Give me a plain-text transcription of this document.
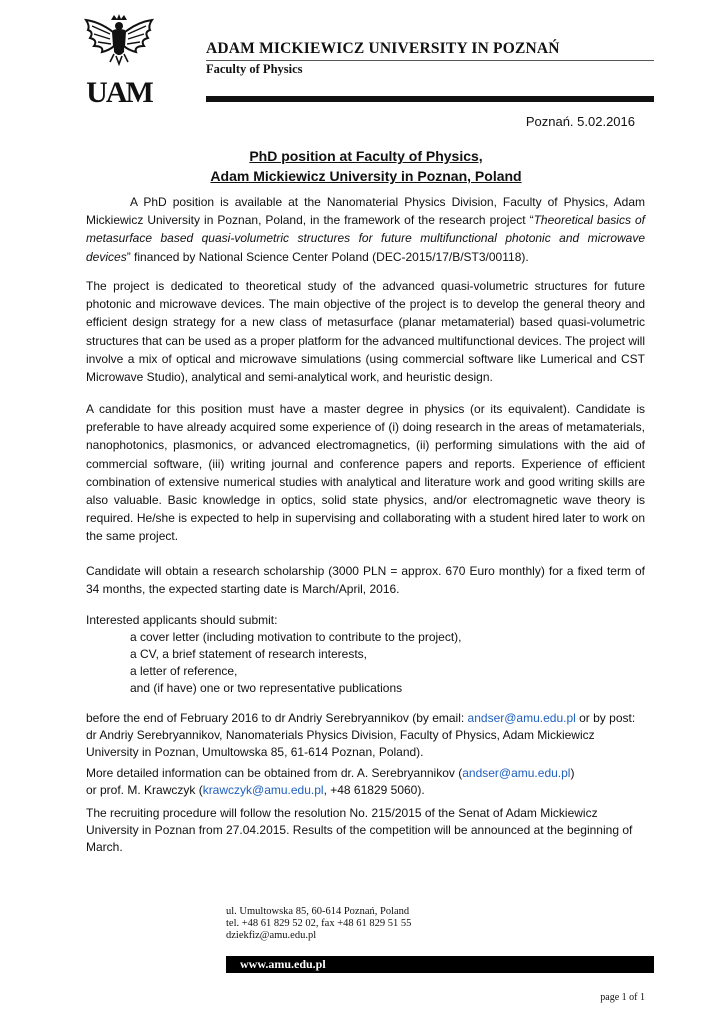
UAM
ADAM MICKIEWICZ UNIVERSITY IN POZNAŃ
Faculty of Physics
Poznań. 5.02.2016
PhD position at Faculty of Physics,
Adam Mickiewicz University in Poznan, Poland
A PhD position is available at the Nanomaterial Physics Division, Faculty of Physics, Adam Mickiewicz University in Poznan, Poland, in the framework of the research project “Theoretical basics of metasurface based quasi-volumetric structures for future multifunctional photonic and microwave devices” financed by National Science Center Poland (DEC-2015/17/B/ST3/00118).
The project is dedicated to theoretical study of the advanced quasi-volumetric structures for future photonic and microwave devices. The main objective of the project is to develop the general theory and efficient design strategy for a new class of metasurface (planar metamaterial) based quasi-volumetric structures that can be used as a proper platform for the advanced multifunctional devices. The project will involve a mix of optical and microwave simulations (using commercial software like Lumerical and CST Microwave Studio), analytical and semi-analytical work, and heuristic design.
A candidate for this position must have a master degree in physics (or its equivalent). Candidate is preferable to have already acquired some experience of (i) doing research in the areas of metamaterials, nanophotonics, plasmonics, or advanced electromagnetics, (ii) performing simulations with the aid of commercial software, (iii) writing journal and conference papers and reports. Experience of efficient combination of extensive numerical studies with analytical and literature work and good writing skills are also valuable. Basic knowledge in optics, solid state physics, and/or electromagnetic wave theory is required. He/she is expected to help in supervising and collaborating with a student hired later to work on the same project.
Candidate will obtain a research scholarship (3000 PLN = approx. 670 Euro monthly) for a fixed term of 34 months, the expected starting date is March/April, 2016.
Interested applicants should submit:
a cover letter (including motivation to contribute to the project),
a CV, a brief statement of research interests,
a letter of reference,
and (if have) one or two representative publications
before the end of February 2016 to dr Andriy Serebryannikov (by email: andser@amu.edu.pl or by post: dr Andriy Serebryannikov, Nanomaterials Physics Division, Faculty of Physics, Adam Mickiewicz University in Poznan, Umultowska 85, 61-614 Poznan, Poland).
More detailed information can be obtained from dr. A. Serebryannikov (andser@amu.edu.pl)
or prof. M. Krawczyk (krawczyk@amu.edu.pl, +48 61829 5060).
The recruiting procedure will follow the resolution No. 215/2015 of the Senat of Adam Mickiewicz University in Poznan from 27.04.2015. Results of the competition will be announced at the beginning of March.
ul. Umultowska 85, 60-614 Poznań, Poland
tel. +48 61 829 52 02, fax +48 61 829 51 55
dziekfiz@amu.edu.pl
www.amu.edu.pl
page 1 of 1
